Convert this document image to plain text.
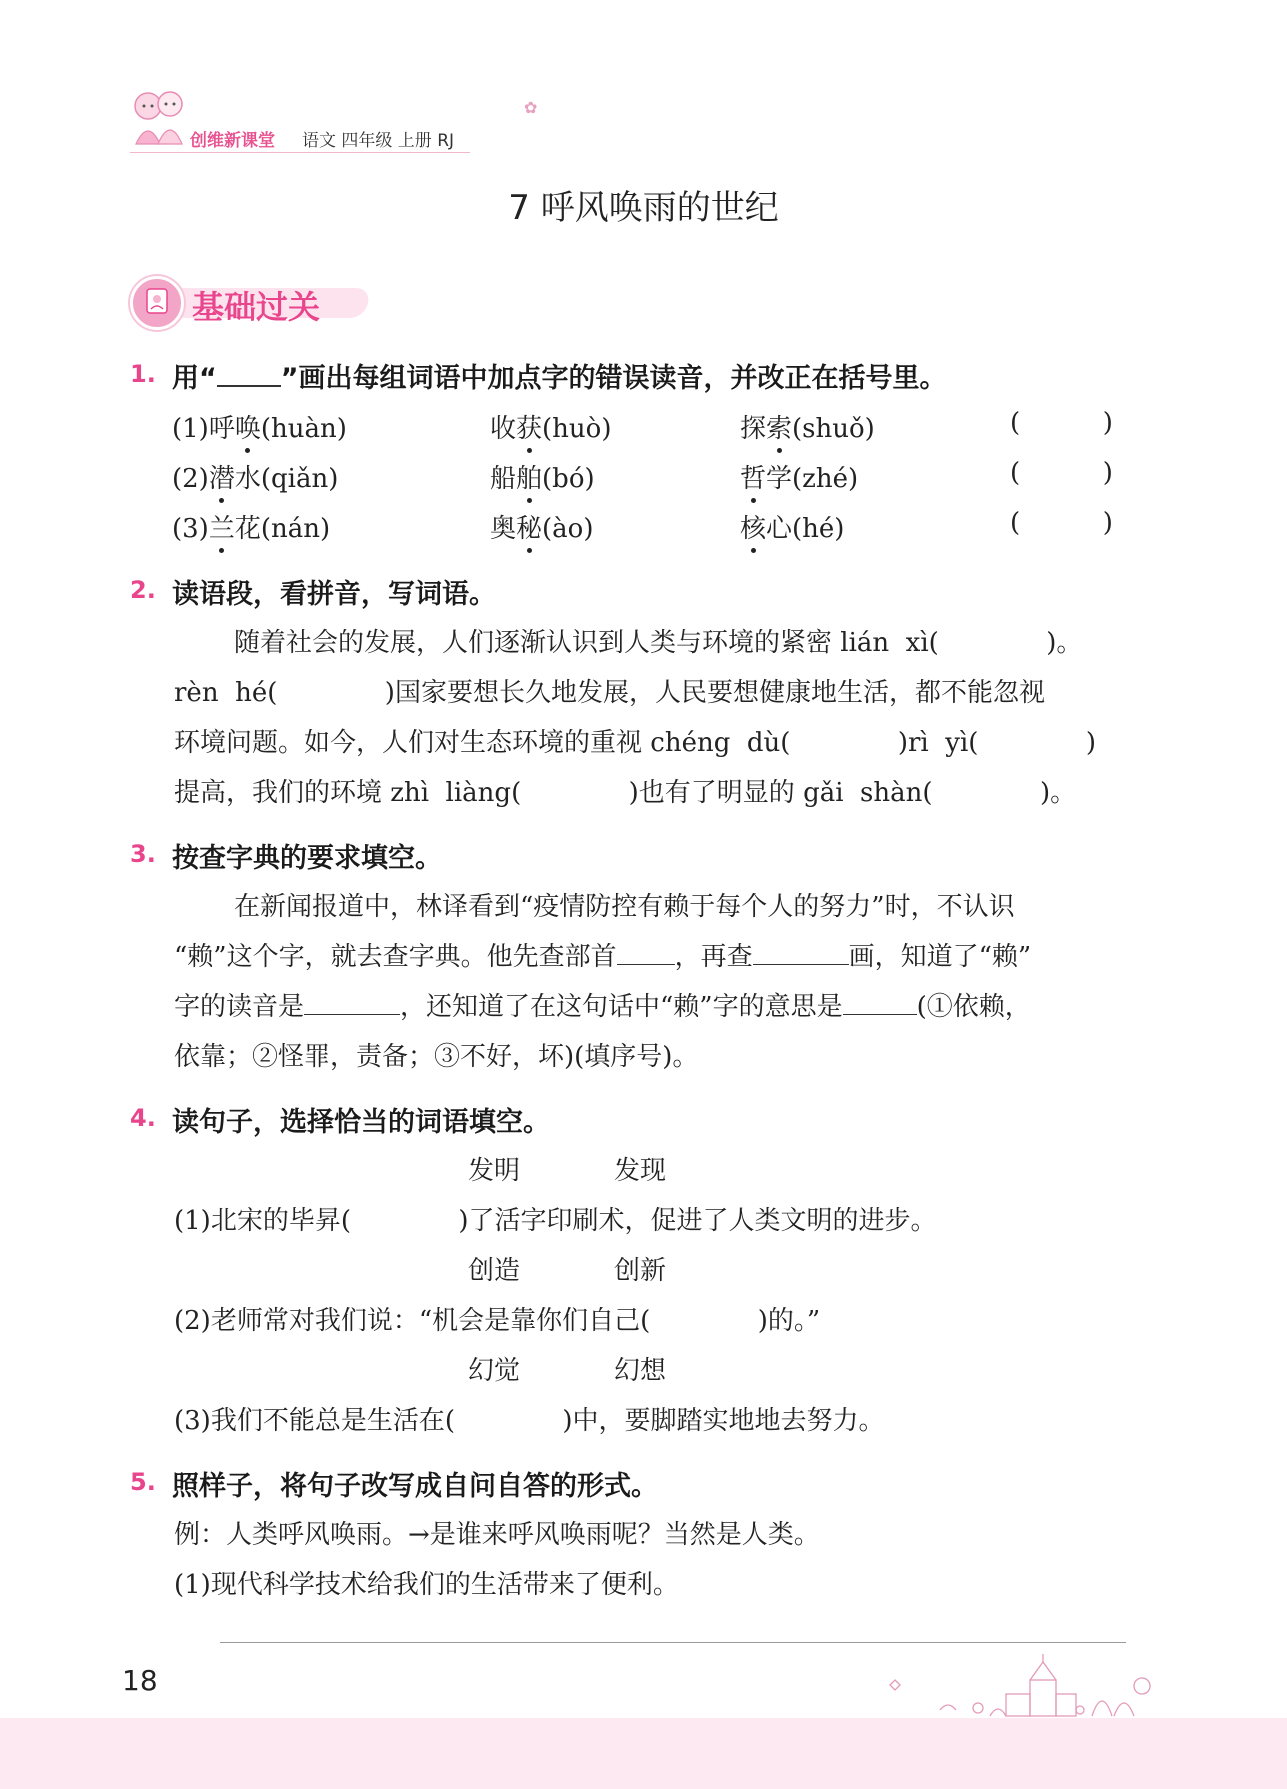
创维新课堂 语文 四年级 上册 RJ
✿
7 呼风唤雨的世纪
基础过关
1. 用“ ”画出每组词语中加点字的错误读音，并改正在括号里。
(1)呼唤(huàn)	收获(huò)	探索(shuǒ)	(          )
(2)潜水(qiǎn)	船舶(bó)	哲学(zhé)	(          )
(3)兰花(nán)	奥秘(ào)	核心(hé)	(          )
2. 读语段，看拼音，写词语。
随着社会的发展，人们逐渐认识到人类与环境的紧密 lián  xì(             )。
rèn  hé(             )国家要想长久地发展，人民要想健康地生活，都不能忽视
环境问题。如今，人们对生态环境的重视 chéng  dù(             )rì  yì(             )
提高，我们的环境 zhì  liàng(             )也有了明显的 gǎi  shàn(             )。
3. 按查字典的要求填空。
在新闻报道中，林译看到“疫情防控有赖于每个人的努力”时，不认识
“赖”这个字，就去查字典。他先查部首 ，再查	画，知道了“赖”
字的读音是	，还知道了在这句话中“赖”字的意思是	(①依赖，
依靠；②怪罪，责备；③不好，坏)(填序号)。
4. 读句子，选择恰当的词语填空。
发明	发现
(1)北宋的毕昇(             )了活字印刷术，促进了人类文明的进步。
创造	创新
(2)老师常对我们说：“机会是靠你们自己(             )的。”
幻觉	幻想
(3)我们不能总是生活在(             )中，要脚踏实地地去努力。
5. 照样子，将句子改写成自问自答的形式。
例：人类呼风唤雨。→是谁来呼风唤雨呢？当然是人类。
(1)现代科学技术给我们的生活带来了便利。
18
